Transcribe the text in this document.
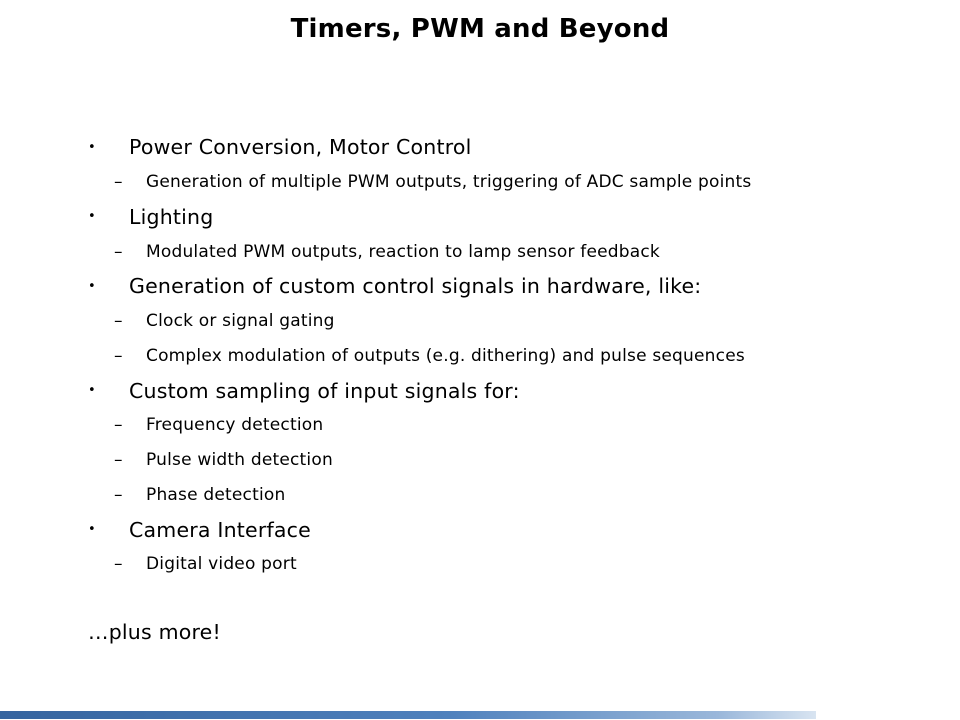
Timers, PWM and Beyond
•	Power Conversion, Motor Control
–	Generation of multiple PWM outputs, triggering of ADC sample points
•	Lighting
–	Modulated PWM outputs, reaction to lamp sensor feedback
•	Generation of custom control signals in hardware, like:
–	Clock or signal gating
–	Complex modulation of outputs (e.g. dithering) and pulse sequences
•	Custom sampling of input signals for:
–	Frequency detection
–	Pulse width detection
–	Phase detection
•	Camera Interface
–	Digital video port
…plus more!
